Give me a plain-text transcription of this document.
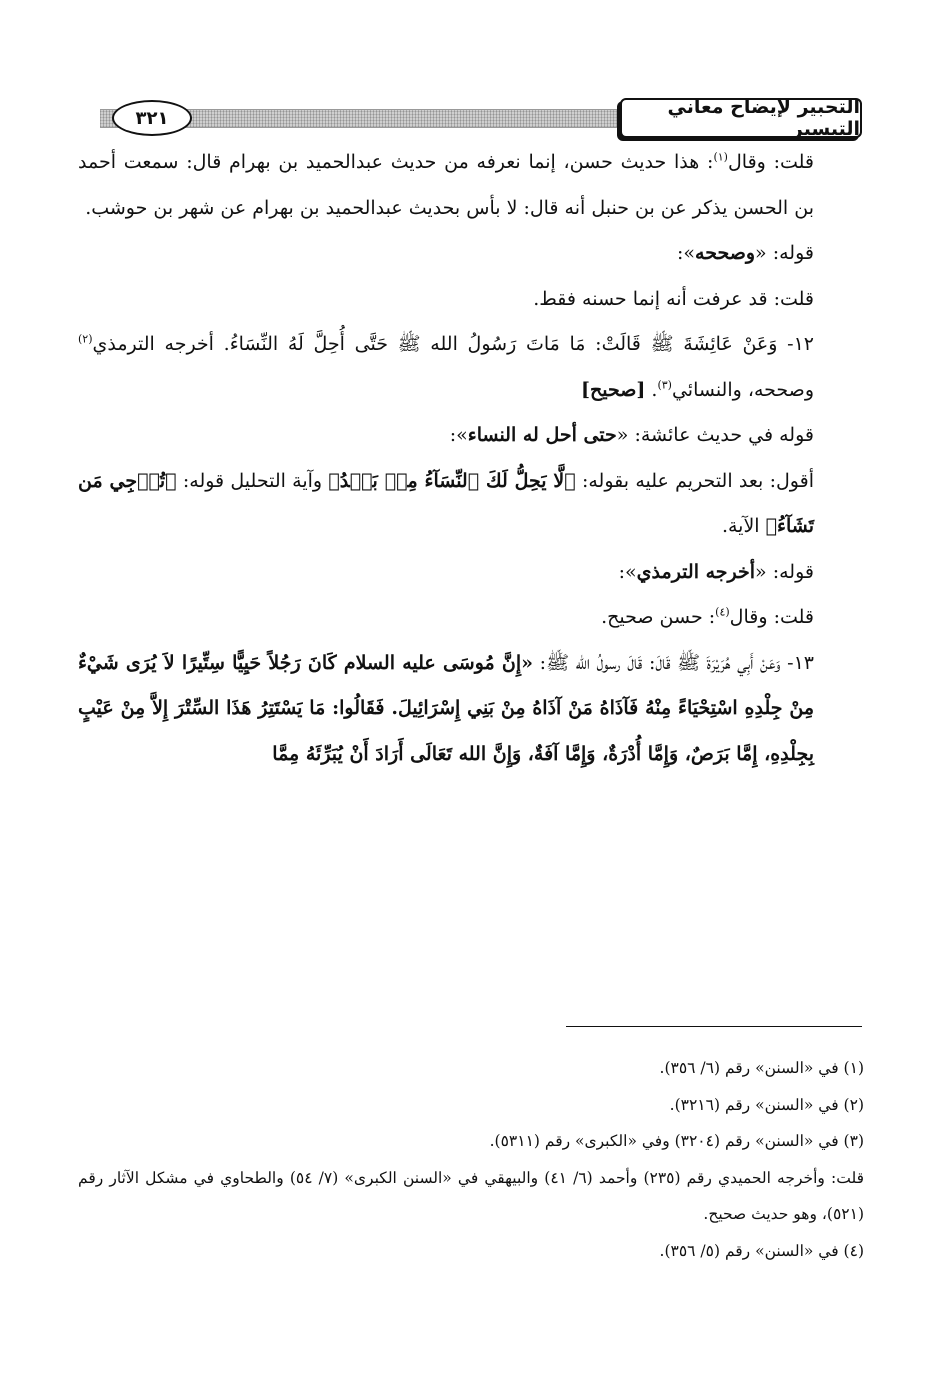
٣٢١	التحبير لإيضاح معاني التيسير

قلت: وقال$^{(١)}$: هذا حديث حسن، إنما نعرفه من حديث عبدالحميد بن بهرام قال: سمعت أحمد بن الحسن يذكر عن بن حنبل أنه قال: لا بأس بحديث عبدالحميد بن بهرام عن شهر بن حوشب.

قوله: «وصححه»:

قلت: قد عرفت أنه إنما حسنه فقط.

١٢- وَعَنْ عَائِشَةَ ﷺ قَالَتْ: مَا مَاتَ رَسُولُ الله ﷺ حَتَّى أُحِلَّ لَهُ النِّسَاءُ. أخرجه الترمذي$^{(٢)}$ وصححه، والنسائي$^{(٣)}$. [صحيح]

قوله في حديث عائشة: «حتى أحل له النساء»:

أقول: بعد التحريم عليه بقوله: ﴿لَّا يَحِلُّ لَكَ ٱلنِّسَآءُ مِنۢ بَعۡدُ﴾ وآية التحليل قوله: ﴿تُرۡجِي مَن تَشَآءُ﴾ الآية.

قوله: «أخرجه الترمذي»:

قلت: وقال$^{(٤)}$: حسن صحيح.

١٣- وَعَنْ أَبِي هُرَيْرَةَ ﷺ قَالَ: قَالَ رسولُ الله ﷺ: «إِنَّ مُوسَى عليه السلام كَانَ رَجُلاً حَيِيًّا سِتِّيرًا لاَ يُرَى شَيْءٌ مِنْ جِلْدِهِ اسْتِحْيَاءً مِنْهُ فَآذَاهُ مَنْ آذَاهُ مِنْ بَنِي إِسْرَائِيلَ. فَقَالُوا: مَا يَسْتَتِرُ هَذَا السِّتْرَ إِلاَّ مِنْ عَيْبٍ بِجِلْدِهِ، إِمَّا بَرَصٌ، وَإِمَّا أُدْرَةٌ، وَإِمَّا آفَةٌ، وَإِنَّ الله تَعَالَى أَرَادَ أَنْ يُبَرِّئَهُ مِمَّا

(١) في «السنن» رقم (٦/ ٣٥٦).

(٢) في «السنن» رقم (٣٢١٦).

(٣) في «السنن» رقم (٣٢٠٤) وفي «الكبرى» رقم (٥٣١١).

قلت: وأخرجه الحميدي رقم (٢٣٥) وأحمد (٦/ ٤١) والبيهقي في «السنن الكبرى» (٧/ ٥٤) والطحاوي في مشكل الآثار رقم (٥٢١)، وهو حديث صحيح.

(٤) في «السنن» رقم (٥/ ٣٥٦).
